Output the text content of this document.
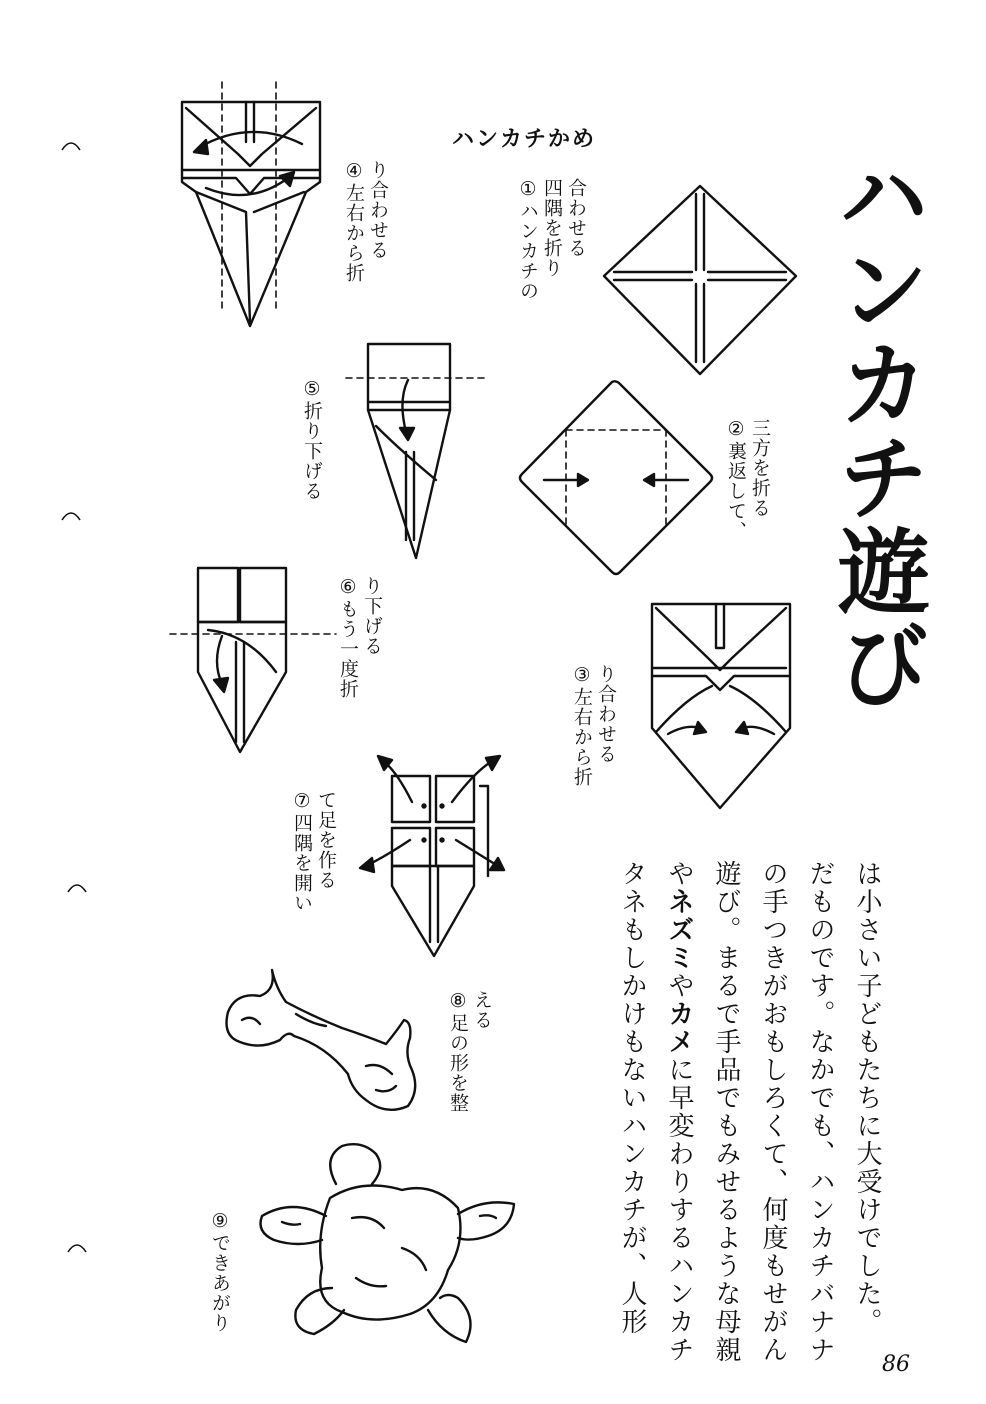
ハンカチ遊び
ハンカチかめ

は小さい子どもたちに大受けでした。
だものです。なかでも、ハンカチバナナ
の手つきがおもしろくて、何度もせがん
遊び。まるで手品でもみせるような母親
やネズミやカメに早変わりするハンカチ
タネもしかけもないハンカチが、人形

86
合わせる
四隅を折り
①ハンカチの
三方を折る
②裏返して、
り合わせる
③左右から折
り合わせる
④左右から折
⑤折り下げる
り下げる
⑥もう一度折
て足を作る
⑦四隅を開い
える
⑧足の形を整
⑨できあがり
